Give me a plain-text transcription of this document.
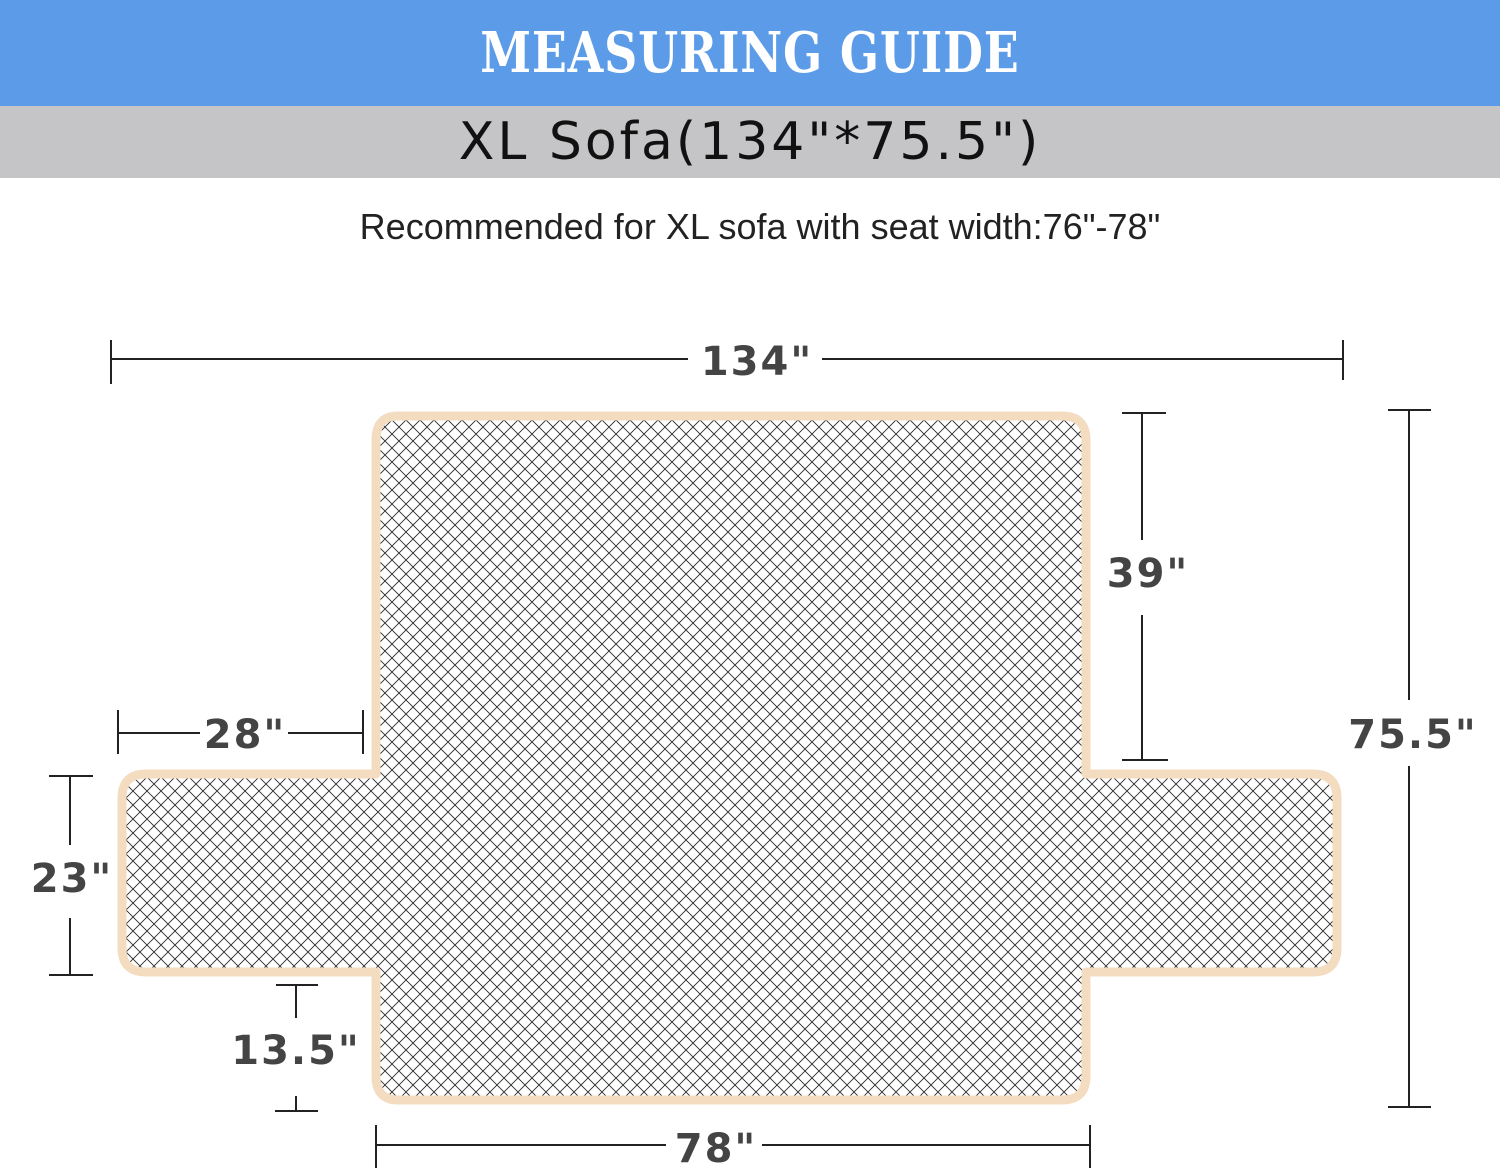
MEASURING GUIDE
XL Sofa(134"*75.5")
Recommended for XL sofa with seat width:76"-78"
134"
39"
75.5"
28"
23"
13.5"
78"
